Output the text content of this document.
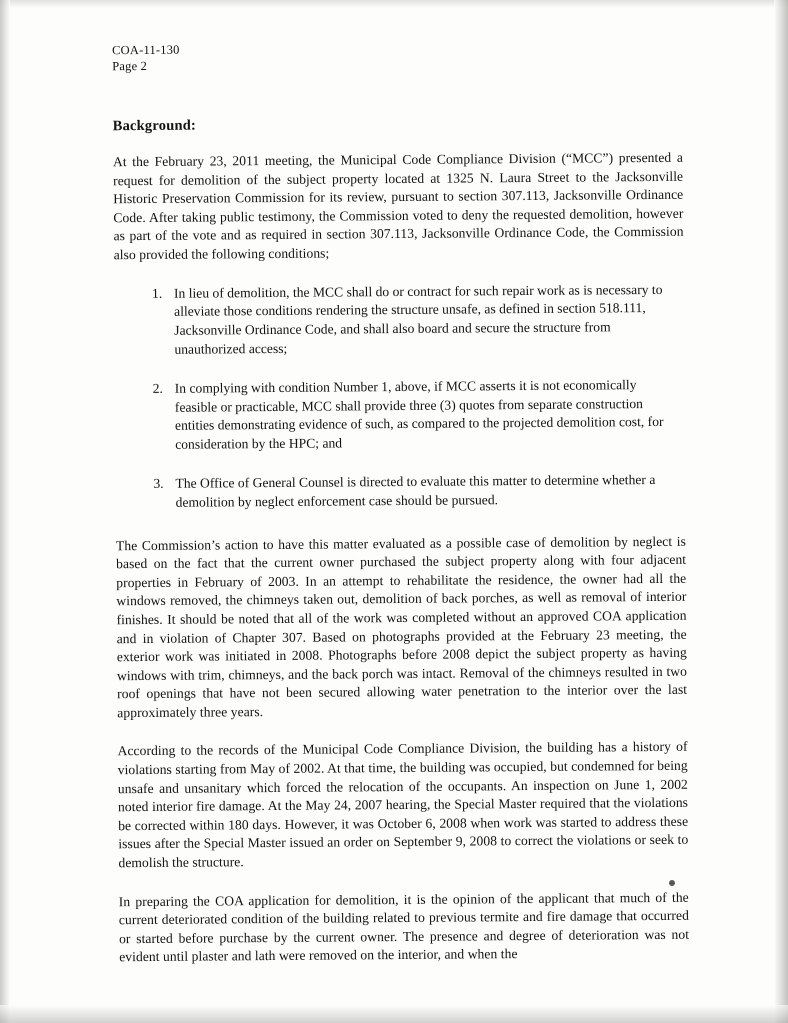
COA-11-130
Page 2
Background:

At the February 23, 2011 meeting, the Municipal Code Compliance Division (“MCC”) presented a request for demolition of the subject property located at 1325 N. Laura Street to the Jacksonville Historic Preservation Commission for its review, pursuant to section 307.113, Jacksonville Ordinance Code. After taking public testimony, the Commission voted to deny the requested demolition, however as part of the vote and as required in section 307.113, Jacksonville Ordinance Code, the Commission also provided the following conditions;

1. In lieu of demolition, the MCC shall do or contract for such repair work as is necessary to alleviate those conditions rendering the structure unsafe, as defined in section 518.111, Jacksonville Ordinance Code, and shall also board and secure the structure from unauthorized access;
2. In complying with condition Number 1, above, if MCC asserts it is not economically feasible or practicable, MCC shall provide three (3) quotes from separate construction entities demonstrating evidence of such, as compared to the projected demolition cost, for consideration by the HPC; and
3. The Office of General Counsel is directed to evaluate this matter to determine whether a demolition by neglect enforcement case should be pursued.

The Commission’s action to have this matter evaluated as a possible case of demolition by neglect is based on the fact that the current owner purchased the subject property along with four adjacent properties in February of 2003. In an attempt to rehabilitate the residence, the owner had all the windows removed, the chimneys taken out, demolition of back porches, as well as removal of interior finishes. It should be noted that all of the work was completed without an approved COA application and in violation of Chapter 307. Based on photographs provided at the February 23 meeting, the exterior work was initiated in 2008. Photographs before 2008 depict the subject property as having windows with trim, chimneys, and the back porch was intact. Removal of the chimneys resulted in two roof openings that have not been secured allowing water penetration to the interior over the last approximately three years.

According to the records of the Municipal Code Compliance Division, the building has a history of violations starting from May of 2002. At that time, the building was occupied, but condemned for being unsafe and unsanitary which forced the relocation of the occupants. An inspection on June 1, 2002 noted interior fire damage. At the May 24, 2007 hearing, the Special Master required that the violations be corrected within 180 days. However, it was October 6, 2008 when work was started to address these issues after the Special Master issued an order on September 9, 2008 to correct the violations or seek to demolish the structure.

In preparing the COA application for demolition, it is the opinion of the applicant that much of the current deteriorated condition of the building related to previous termite and fire damage that occurred or started before purchase by the current owner. The presence and degree of deterioration was not evident until plaster and lath were removed on the interior, and when the
